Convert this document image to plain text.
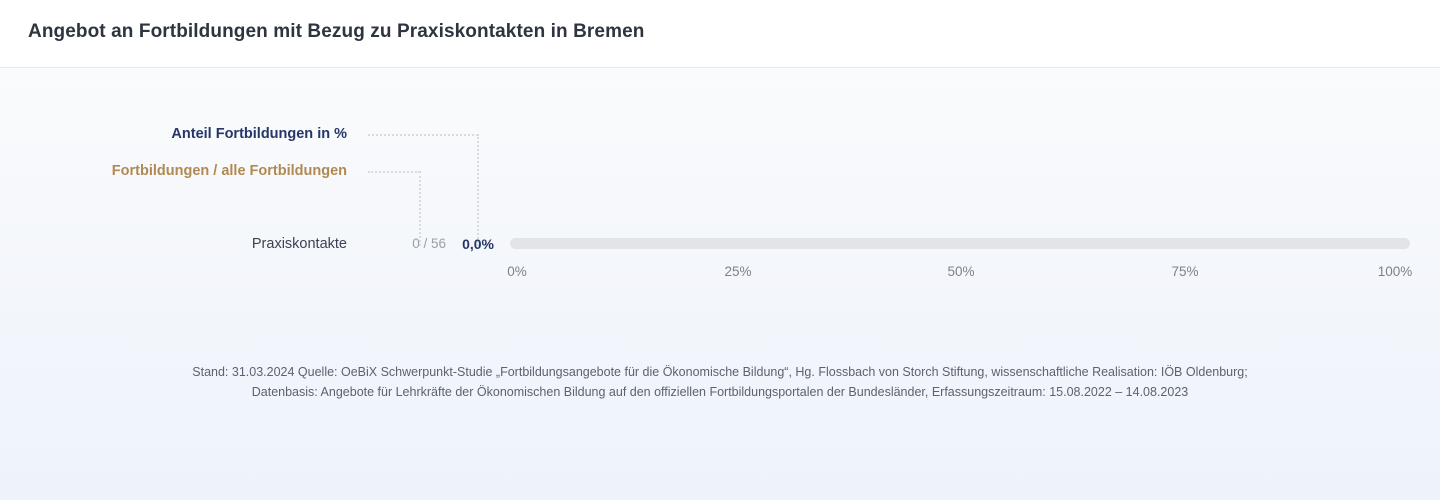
Angebot an Fortbildungen mit Bezug zu Praxiskontakten in Bremen
Anteil Fortbildungen in %
Fortbildungen / alle Fortbildungen
Praxiskontakte	0 / 56	0,0%
0%	25%	50%	75%	100%
Stand: 31.03.2024 Quelle: OeBiX Schwerpunkt-Studie „Fortbildungsangebote für die Ökonomische Bildung“, Hg. Flossbach von Storch Stiftung, wissenschaftliche Realisation: IÖB Oldenburg;
Datenbasis: Angebote für Lehrkräfte der Ökonomischen Bildung auf den offiziellen Fortbildungsportalen der Bundesländer, Erfassungszeitraum: 15.08.2022 – 14.08.2023
